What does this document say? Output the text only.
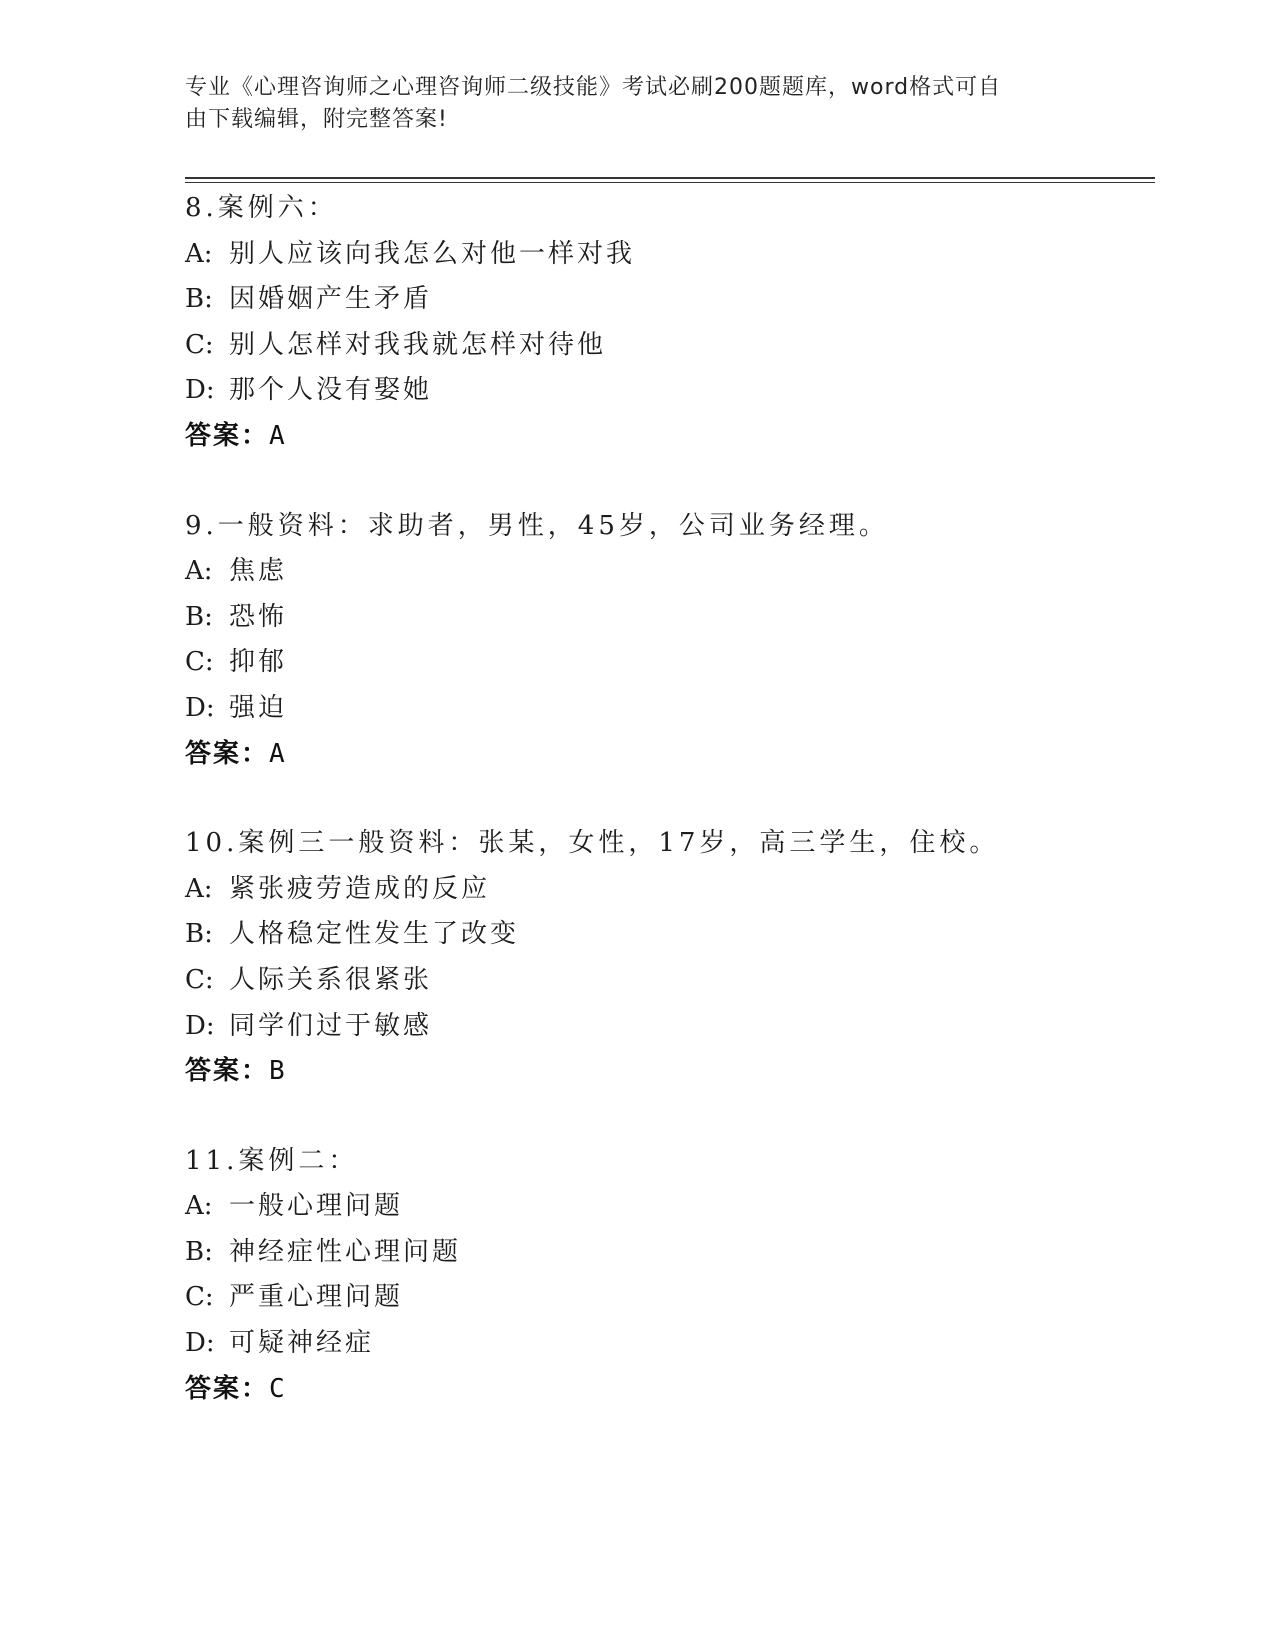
专业《心理咨询师之心理咨询师二级技能》考试必刷200题题库，word格式可自
由下载编辑，附完整答案!
8.案例六：
A: 别人应该向我怎么对他一样对我
B: 因婚姻产生矛盾
C: 别人怎样对我我就怎样对待他
D: 那个人没有娶她
答案：A
9.一般资料：求助者，男性，45岁，公司业务经理。
A: 焦虑
B: 恐怖
C: 抑郁
D: 强迫
答案：A
10.案例三一般资料：张某，女性，17岁，高三学生，住校。
A: 紧张疲劳造成的反应
B: 人格稳定性发生了改变
C: 人际关系很紧张
D: 同学们过于敏感
答案：B
11.案例二：
A: 一般心理问题
B: 神经症性心理问题
C: 严重心理问题
D: 可疑神经症
答案：C
